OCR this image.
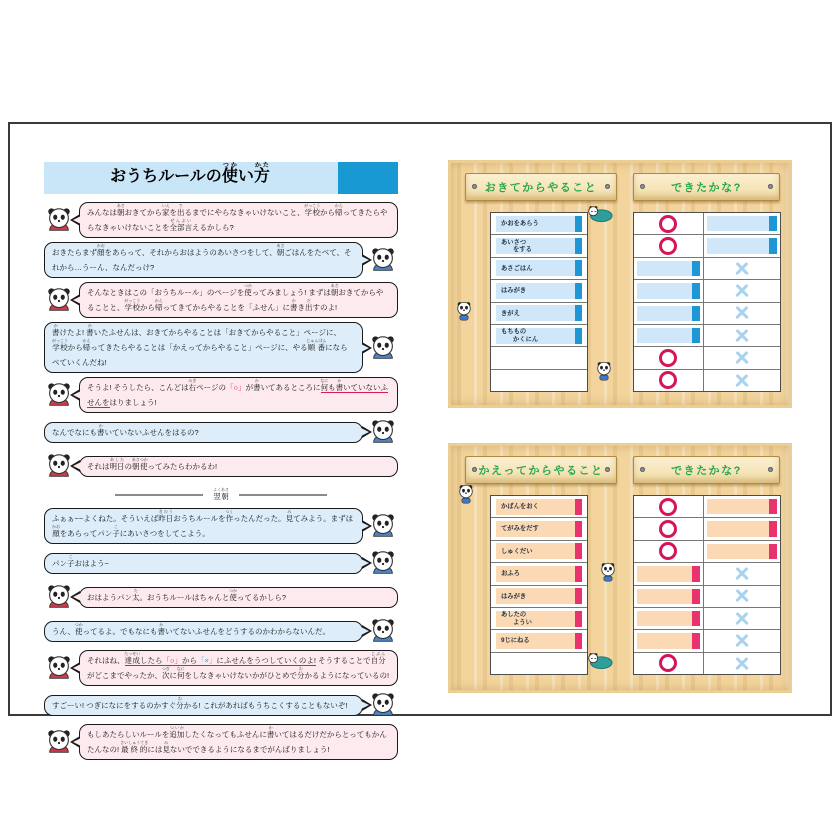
おうちルールの使つかい方かた
みんなは朝あさおきてから家いえを出でるまでにやらなきゃいけないこと、学校がっこうから帰かえってきたらやらなきゃいけないことを全部言ぜんぶいえるかしら?
おきたらまず顔かおをあらって、それからおはようのあいさつをして、朝あさごはんをたべて、それから…うーん、なんだっけ?
そんなときはこの「おうちルール」のページを使つかってみましょう! まずは朝あさおきてからやることと、学校がっこうから帰かえってきてからやることを「ふせん」に書かき出だすのよ!
書かけたよ! 書かいたふせんは、おきてからやることは「おきてからやること」ページに、学校がっこうから帰かえってきたらやることは「かえってからやること」ページに、やる順番じゅんばんにならべていくんだね!
そうよ! そうしたら、こんどは右みぎページの「○」が書かいてあるところに何なにも書かいていないふせんをはりましょう!
なんでなにも書かいていないふせんをはるの?
それは明日あしたの朝使あさつかってみたらわかるわ!
翌朝よくあさ
ふぁぁ~~よくねた。そういえば昨日きのうおうちルールを作つくったんだった。見みてみよう。まずは顔かおをあらってパン子こにあいさつをしてこよう。
パン子こおはよう~
おはようパン太た。おうちルールはちゃんと使つかってるかしら?
うん、使つかってるよ。でもなにも書かいてないふせんをどうするのかわからないんだ。
それはね、達成たっせいしたら「○」から「×」にふせんをうつしていくのよ! そうすることで自分じぶんがどこまでやったか、次つぎに何なにをしなきゃいけないかがひとめで分わかるようになっているの!
すごーい! つぎになにをするのかすぐ分わかる! これがあればもうちこくすることもないぞ!
もしあたらしいルールを追加ついかしたくなってもふせんに書かいてはるだけだからとってもかんたんなの! 最終的さいしゅうてきには見みないでできるようになるまでがんばりましょう!
おきてからやること	できたかな?
かおをあらう
あいさつ
をする
あさごはん
はみがき
きがえ
もちもの
かくにん
かえってからやること	できたかな?
かばんをおく
てがみをだす
しゅくだい
おふろ
はみがき
あしたの
ようい
9じにねる
